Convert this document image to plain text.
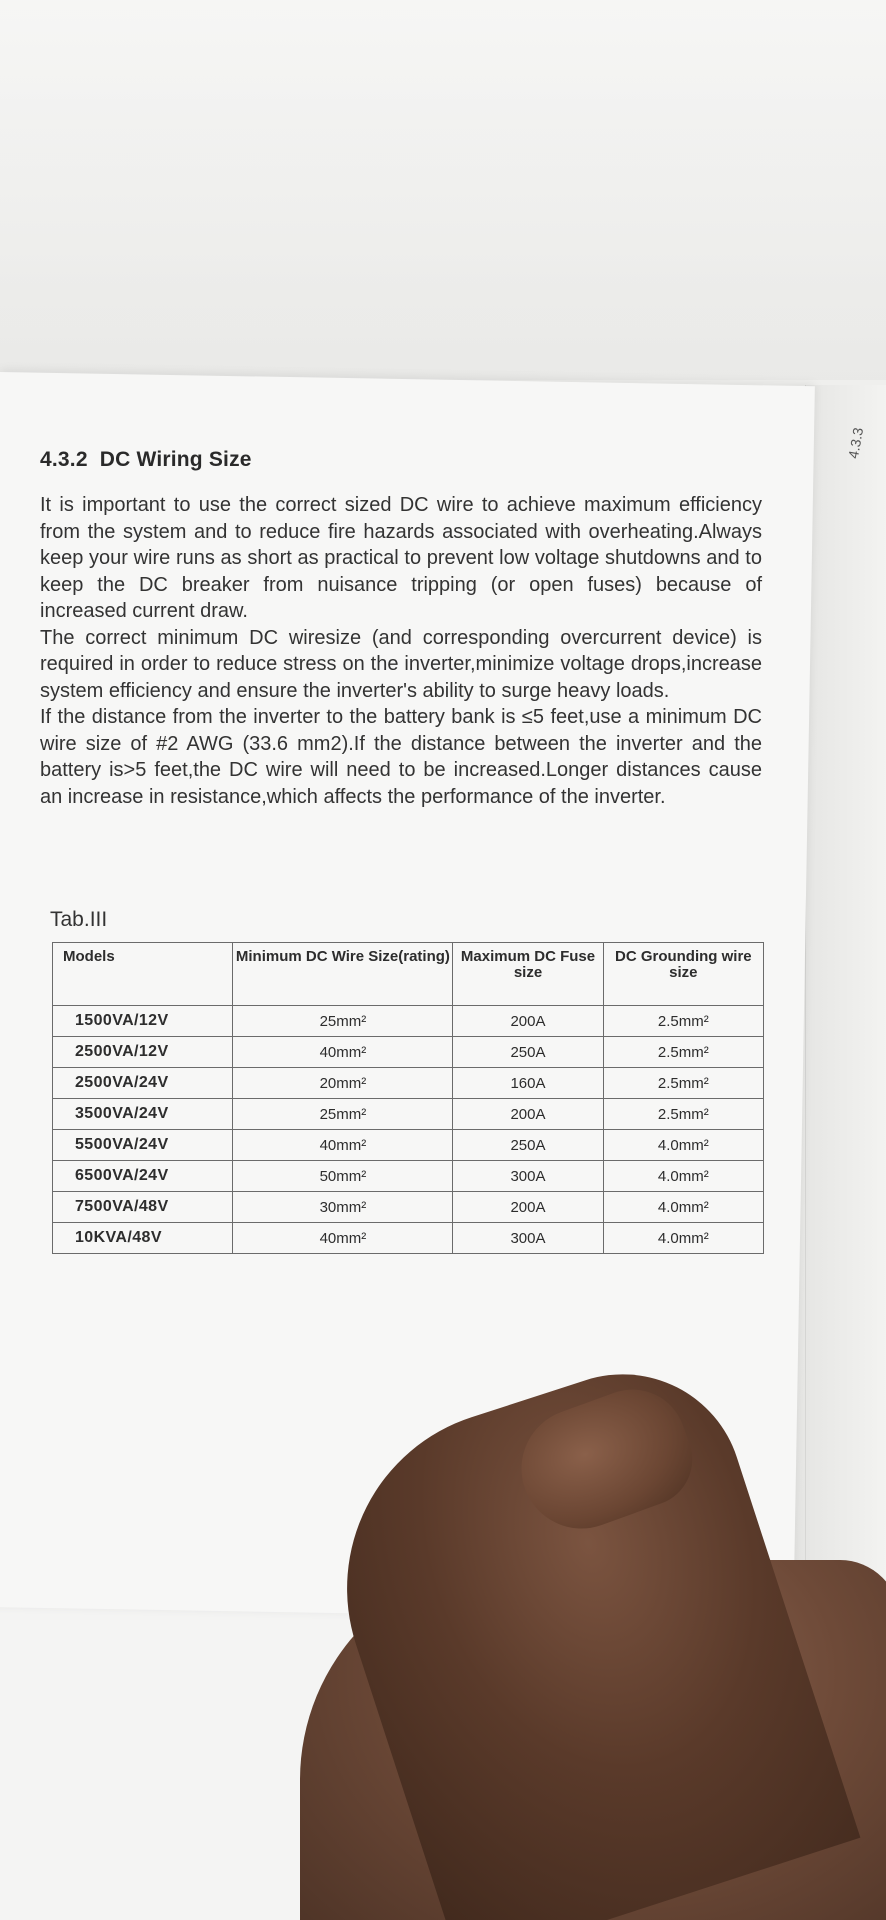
4.3.3
4.3.2 DC Wiring Size

It is important to use the correct sized DC wire to achieve maximum efficiency from the system and to reduce fire hazards associated with overheating.Always keep your wire runs as short as practical to prevent low voltage shutdowns and to keep the DC breaker from nuisance tripping (or open fuses) because of increased current draw.

The correct minimum DC wiresize (and corresponding overcurrent device) is required in order to reduce stress on the inverter,minimize voltage drops,increase system efficiency and ensure the inverter's ability to surge heavy loads.

If the distance from the inverter to the battery bank is ≤5 feet,use a minimum DC wire size of #2 AWG (33.6 mm2).If the distance between the inverter and the battery is>5 feet,the DC wire will need to be increased.Longer distances cause an increase in resistance,which affects the performance of the inverter.

Tab.III
Models	Minimum DC Wire Size(rating)	Maximum DC Fuse size	DC Grounding wire size
1500VA/12V	25mm²	200A	2.5mm²
2500VA/12V	40mm²	250A	2.5mm²
2500VA/24V	20mm²	160A	2.5mm²
3500VA/24V	25mm²	200A	2.5mm²
5500VA/24V	40mm²	250A	4.0mm²
6500VA/24V	50mm²	300A	4.0mm²
7500VA/48V	30mm²	200A	4.0mm²
10KVA/48V	40mm²	300A	4.0mm²
